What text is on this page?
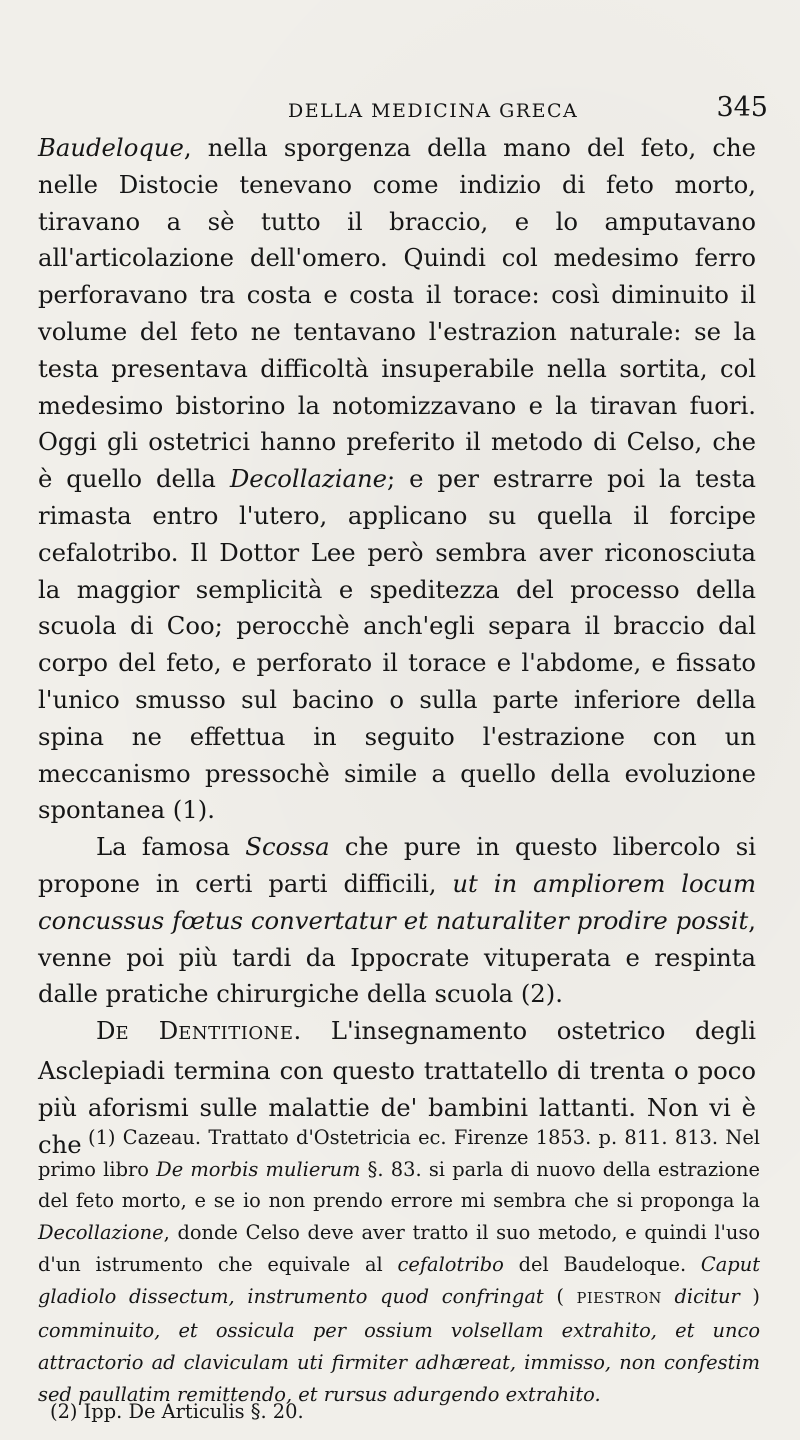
DELLA MEDICINA GRECA	345

Baudeloque, nella sporgenza della mano del feto, che nelle Distocie tenevano come indizio di feto morto, tiravano a sè tutto il braccio, e lo amputavano all'articolazione dell'omero. Quindi col medesimo ferro perforavano tra costa e costa il torace: così diminuito il volume del feto ne tentavano l'estrazion naturale: se la testa presentava difficoltà insuperabile nella sortita, col medesimo bistorino la notomizzavano e la tiravan fuori. Oggi gli ostetrici hanno preferito il metodo di Celso, che è quello della Decollaziane; e per estrarre poi la testa rimasta entro l'utero, applicano su quella il forcipe cefalotribo. Il Dottor Lee però sembra aver riconosciuta la maggior semplicità e speditezza del processo della scuola di Coo; perocchè anch'egli separa il braccio dal corpo del feto, e perforato il torace e l'abdome, e fissato l'unico smusso sul bacino o sulla parte inferiore della spina ne effettua in seguito l'estrazione con un meccanismo pressochè simile a quello della evoluzione spontanea (1).

La famosa Scossa che pure in questo libercolo si propone in certi parti difficili, ut in ampliorem locum concussus fœtus convertatur et naturaliter prodire possit, venne poi più tardi da Ippocrate vituperata e respinta dalle pratiche chirurgiche della scuola (2).

DE DENTITIONE. L'insegnamento ostetrico degli Asclepiadi termina con questo trattatello di trenta o poco più aforismi sulle malattie de' bambini lattanti. Non vi è che (1) Cazeau. Trattato d'Ostetricia ec. Firenze 1853. p. 811. 813. Nel primo libro De morbis mulierum §. 83. si parla di nuovo della estrazione del feto morto, e se io non prendo errore mi sembra che si proponga la Decollazione, donde Celso deve aver tratto il suo metodo, e quindi l'uso d'un istrumento che equivale al cefalotribo del Baudeloque. Caput gladiolo dissectum, instrumento quod confringat ( PIESTRON dicitur ) comminuito, et ossicula per ossium volsellam extrahito, et unco attractorio ad claviculam uti firmiter adhæreat, immisso, non confestim sed paullatim remittendo, et rursus adurgendo extrahito.

(2) Ipp. De Articulis §. 20.
